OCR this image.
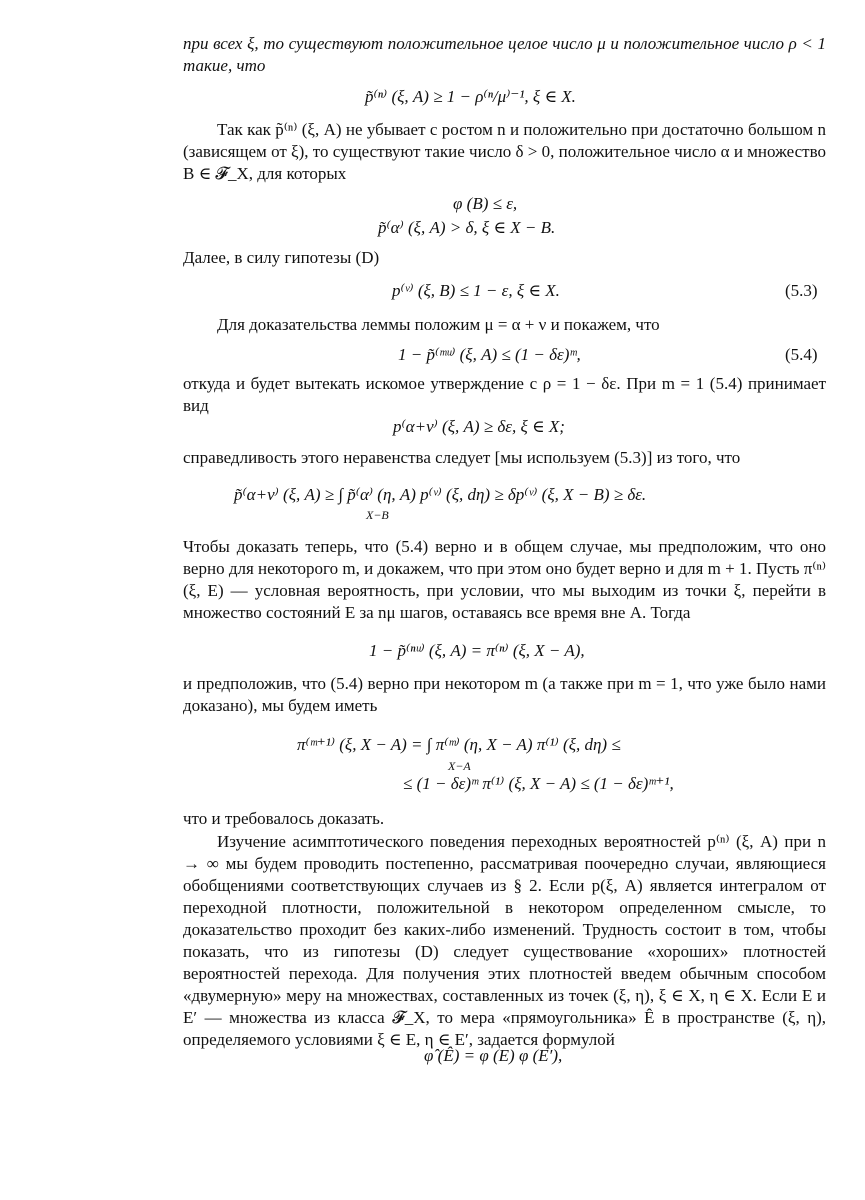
при всех ξ, то существуют положительное целое число μ и положительное число ρ < 1 такие, что

p̃⁽ⁿ⁾ (ξ, A) ≥ 1 − ρ⁽ⁿ/μ⁾⁻¹, ξ ∈ X.

Так как p̃⁽ⁿ⁾ (ξ, A) не убывает с ростом n и положительно при достаточно большом n (зависящем от ξ), то существуют такие число δ > 0, положительное число α и множество B ∈ 𝓕_X, для которых

φ (B) ≤ ε,
p̃⁽α⁾ (ξ, A) > δ, ξ ∈ X − B.

Далее, в силу гипотезы (D)

p⁽ᵛ⁾ (ξ, B) ≤ 1 − ε, ξ ∈ X.	(5.3)

Для доказательства леммы положим μ = α + ν и покажем, что

1 − p̃⁽ᵐᵘ⁾ (ξ, A) ≤ (1 − δε)ᵐ,	(5.4)

откуда и будет вытекать искомое утверждение с ρ = 1 − δε. При m = 1 (5.4) принимает вид

p⁽α+ν⁾ (ξ, A) ≥ δε, ξ ∈ X;

справедливость этого неравенства следует [мы используем (5.3)] из того, что

p̃⁽α+ν⁾ (ξ, A) ≥ ∫ p̃⁽α⁾ (η, A) p⁽ᵛ⁾ (ξ, dη) ≥ δp⁽ᵛ⁾ (ξ, X − B) ≥ δε.
X−B

Чтобы доказать теперь, что (5.4) верно и в общем случае, мы предположим, что оно верно для некоторого m, и докажем, что при этом оно будет верно и для m + 1. Пусть π⁽ⁿ⁾ (ξ, E) — условная вероятность, при условии, что мы выходим из точки ξ, перейти в множество состояний E за nμ шагов, оставаясь все время вне A. Тогда

1 − p̃⁽ⁿᵘ⁾ (ξ, A) = π⁽ⁿ⁾ (ξ, X − A),

и предположив, что (5.4) верно при некотором m (а также при m = 1, что уже было нами доказано), мы будем иметь

π⁽ᵐ⁺¹⁾ (ξ, X − A) = ∫ π⁽ᵐ⁾ (η, X − A) π⁽¹⁾ (ξ, dη) ≤
X−A
≤ (1 − δε)ᵐ π⁽¹⁾ (ξ, X − A) ≤ (1 − δε)ᵐ⁺¹,

что и требовалось доказать.

Изучение асимптотического поведения переходных вероятностей p⁽ⁿ⁾ (ξ, A) при n → ∞ мы будем проводить постепенно, рассматривая поочередно случаи, являющиеся обобщениями соответствующих случаев из § 2. Если p(ξ, A) является интегралом от переходной плотности, положительной в некотором определенном смысле, то доказательство проходит без каких-либо изменений. Трудность состоит в том, чтобы показать, что из гипотезы (D) следует существование «хороших» плотностей вероятностей перехода. Для получения этих плотностей введем обычным способом «двумерную» меру на множествах, составленных из точек (ξ, η), ξ ∈ X, η ∈ X. Если E и E′ — множества из класса 𝓕_X, то мера «прямоугольника» Ê в пространстве (ξ, η), определяемого условиями ξ ∈ E, η ∈ E′, задается формулой

φ̂ (Ê) = φ (E) φ (E′),
